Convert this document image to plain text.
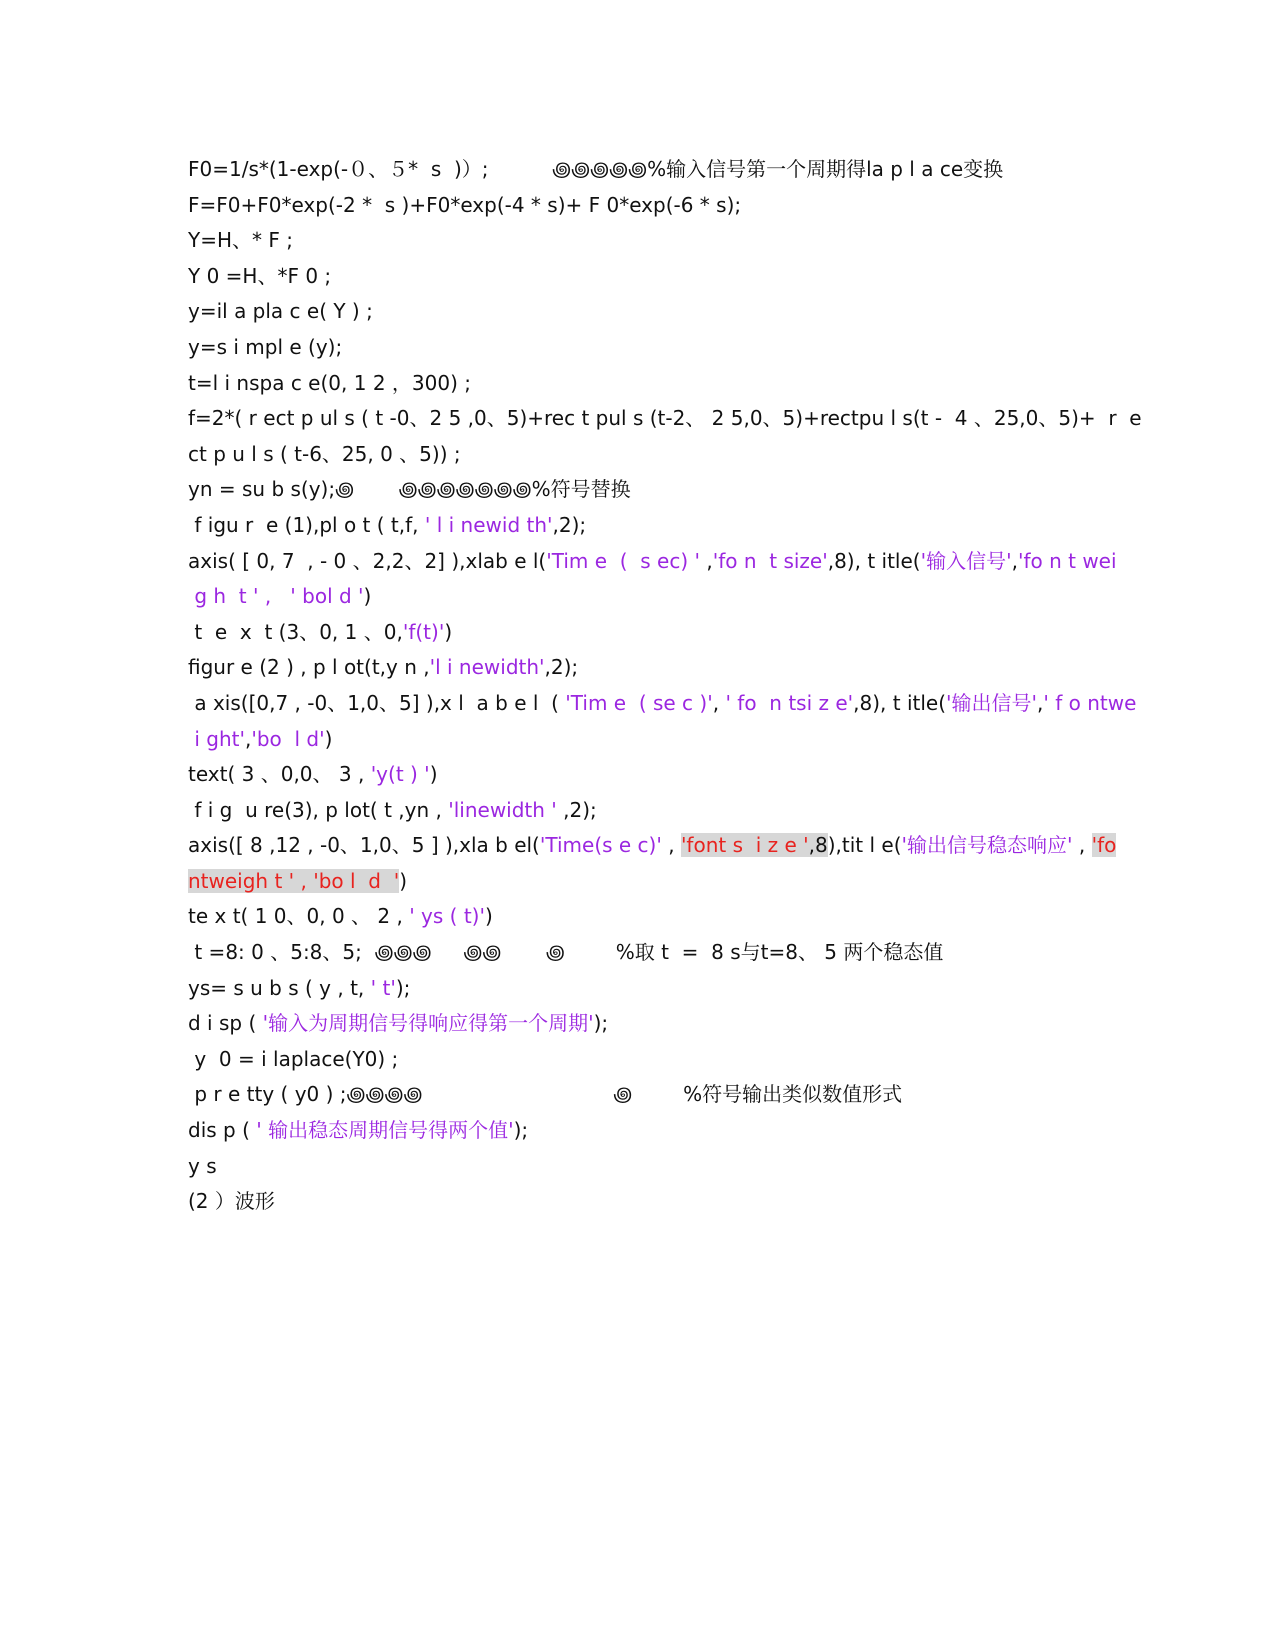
F0=1/s*(1-exp(-０、５*  s  )）;          ꩜꩜꩜꩜꩜%输入信号第一个周期得la p l a ce变换
F=F0+F0*exp(-2 *  s )+F0*exp(-4 * s)+ F 0*exp(-6 * s);
Y=H、* F ;
Y 0 =H、*F 0 ;
y=il a pla c e( Y ) ;
y=s i mpl e (y);
t=l i nspa c e(0, 1 2 ，300) ;
f=2*( r ect p ul s ( t -0、2 5 ,0、5)+rec t pul s (t-2、 2 5,0、5)+rectpu l s(t -  4 、25,0、5)+  r  e
ct p u l s ( t-6、25, 0 、5)) ;
yn = su b s(y);꩜       ꩜꩜꩜꩜꩜꩜꩜%符号替换
f igu r  e (1),pl o t ( t,f, ' l i newid th',2);
axis( [ 0, 7  , - 0 、2,2、2] ),xlab e l('Tim e  (  s ec) ' ,'fo n  t size',8), t itle('输入信号','fo n t wei
g h  t ' ,   ' bol d ')
t  e  x  t (3、0, 1 、0,'f(t)')
figur e (2 ) , p l ot(t,y n ,'l i newidth',2);
a xis([0,7 , -0、1,0、5] ),x l  a b e l  ( 'Tim e  ( se c )', ' fo  n tsi z e',8), t itle('输出信号',' f o ntwe
i ght','bo  l d')
text( 3 、0,0、 3 , 'y(t ) ')
f i g  u re(3), p lot( t ,yn , 'linewidth ' ,2);
axis([ 8 ,12 , -0、1,0、5 ] ),xla b el('Time(s e c)' , 'font s  i z e ',8),tit l e('输出信号稳态响应' , 'fo
ntweigh t ' , 'bo l  d  ')
te x t( 1 0、0, 0 、 2 , ' ys ( t)')
t =8: 0 、5:8、5;  ꩜꩜꩜     ꩜꩜       ꩜        %取 t  =  8 s与t=8、 5 两个稳态值
ys= s u b s ( y , t, ' t');
d i sp ( '输入为周期信号得响应得第一个周期');
y  0 = i laplace(Y0) ;
p r e tty ( y0 ) ;꩜꩜꩜꩜                              ꩜        %符号输出类似数值形式
dis p ( ' 输出稳态周期信号得两个值');
y s
(2 ）波形
